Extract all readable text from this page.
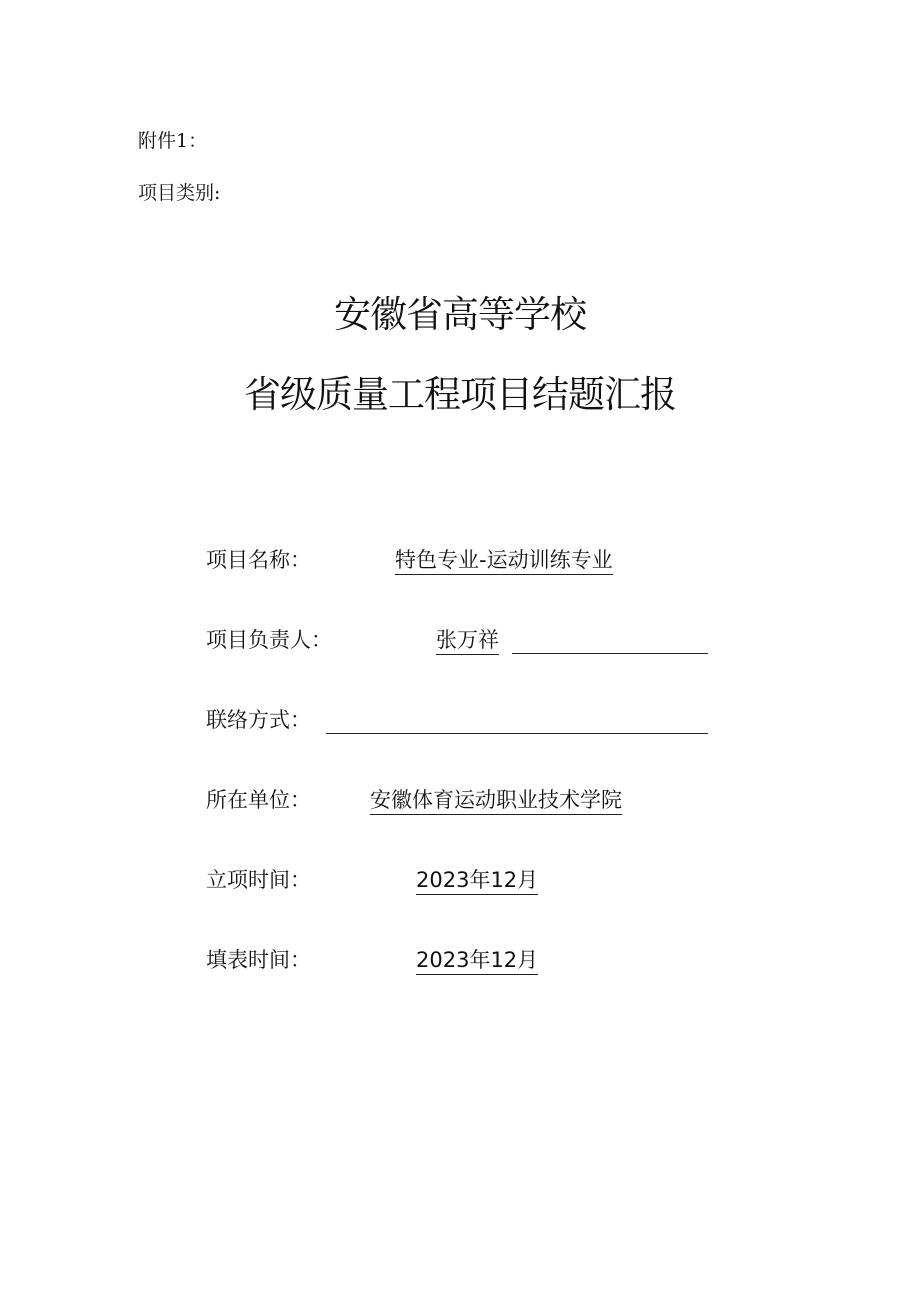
附件1：
项目类别:
安徽省高等学校
省级质量工程项目结题汇报
项目名称：	特色专业-运动训练专业
项目负责人：	张万祥
联络方式：
所在单位：	安徽体育运动职业技术学院
立项时间：	2023年12月
填表时间：	2023年12月
